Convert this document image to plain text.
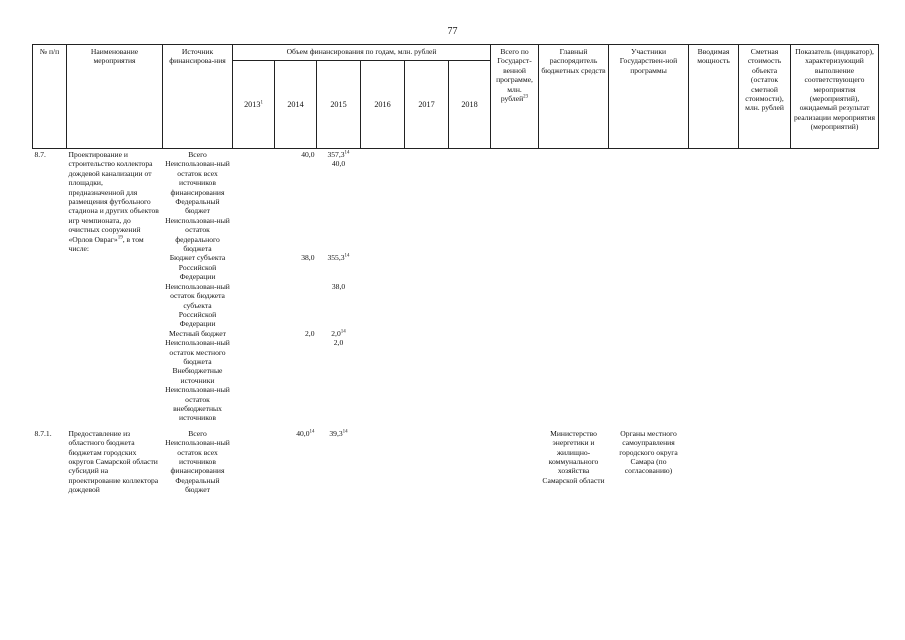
77
№ п/п	Наименование мероприятия	Источник финансирова-ния	Объем финансирования по годам, млн. рублей						Всего по Государст-венной программе, млн. рублей$^{23}$	Главный распорядитель бюджетных средств	Участники Государствен-ной программы	Вводимая мощность	Сметная стоимость объекта (остаток сметной стоимости), млн. рублей	Показатель (индикатор), характеризующий выполнение соответствующего мероприятия (мероприятий), ожидаемый результат реализации мероприятия (мероприятий)
			2013$^1$	2014	2015	2016	2017	2018						
8.7.	Проектирование и строительство коллектора дождевой канализации от площадки, предназначенной для размещения футбольного стадиона и других объектов игр чемпионата, до очистных сооружений «Орлов Овраг»$^{19}$, в том числе:	Всего		40,0	357,3$^{14}$									
		Неиспользован-ный остаток всех источников финансирования			40,0									
		Федеральный бюджет												
		Неиспользован-ный остаток федерального бюджета												
		Бюджет субъекта Российской Федерации		38,0	355,3$^{14}$				
		Неиспользован-ный остаток бюджета субъекта Российской Федерации			38,0									
		Местный бюджет		2,0	$2,0^{14}$				
		Неиспользован-ный остаток местного бюджета			2,0									
		Внебюджетные источники												
		Неиспользован-ный остаток внебюджетных источников												

8.7.1.	Предоставление из областного бюджета бюджетам городских округов Самарской области субсидий на проектирование коллектора дождевой	Всего		40,0$^{14}$	39,3$^{14}$					Министерство энергетики и жилищно-коммунального хозяйства Самарской области	Органы местного самоуправления городского округа Самара (по согласованию)			
		Неиспользован-ный остаток всех источников финансирования												
		Федеральный бюджет												
